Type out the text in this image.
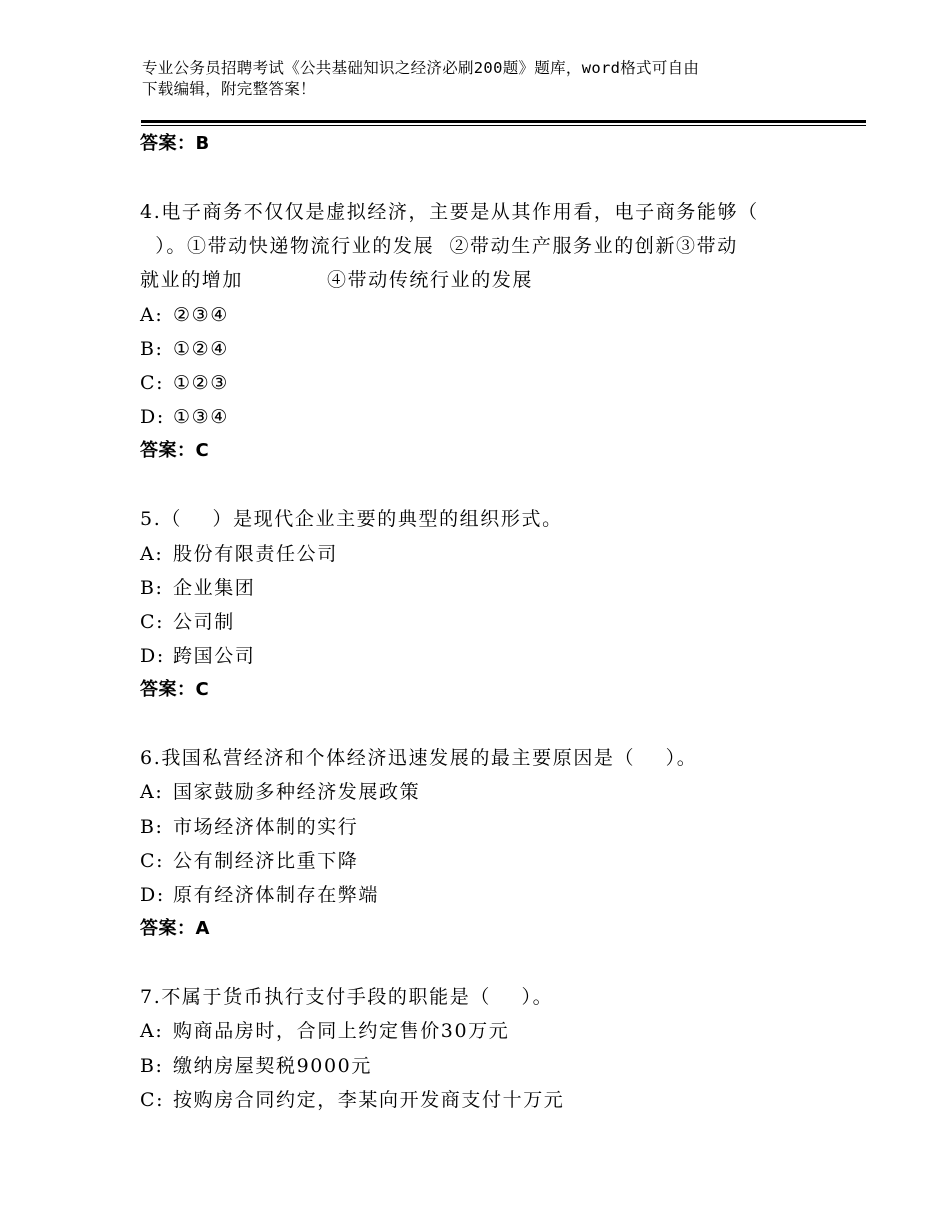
专业公务员招聘考试《公共基础知识之经济必刷200题》题库，word格式可自由
下载编辑，附完整答案！
答案：B
4.电子商务不仅仅是虚拟经济，主要是从其作用看，电子商务能够（
）。①带动快递物流行业的发展  ②带动生产服务业的创新③带动
就业的增加           ④带动传统行业的发展
A: ②③④
B: ①②④
C: ①②③
D: ①③④
答案：C
5.（    ）是现代企业主要的典型的组织形式。
A: 股份有限责任公司
B: 企业集团
C: 公司制
D: 跨国公司
答案：C
6.我国私营经济和个体经济迅速发展的最主要原因是（    ）。
A: 国家鼓励多种经济发展政策
B: 市场经济体制的实行
C: 公有制经济比重下降
D: 原有经济体制存在弊端
答案：A
7.不属于货币执行支付手段的职能是（    ）。
A: 购商品房时，合同上约定售价30万元
B: 缴纳房屋契税9000元
C: 按购房合同约定，李某向开发商支付十万元
